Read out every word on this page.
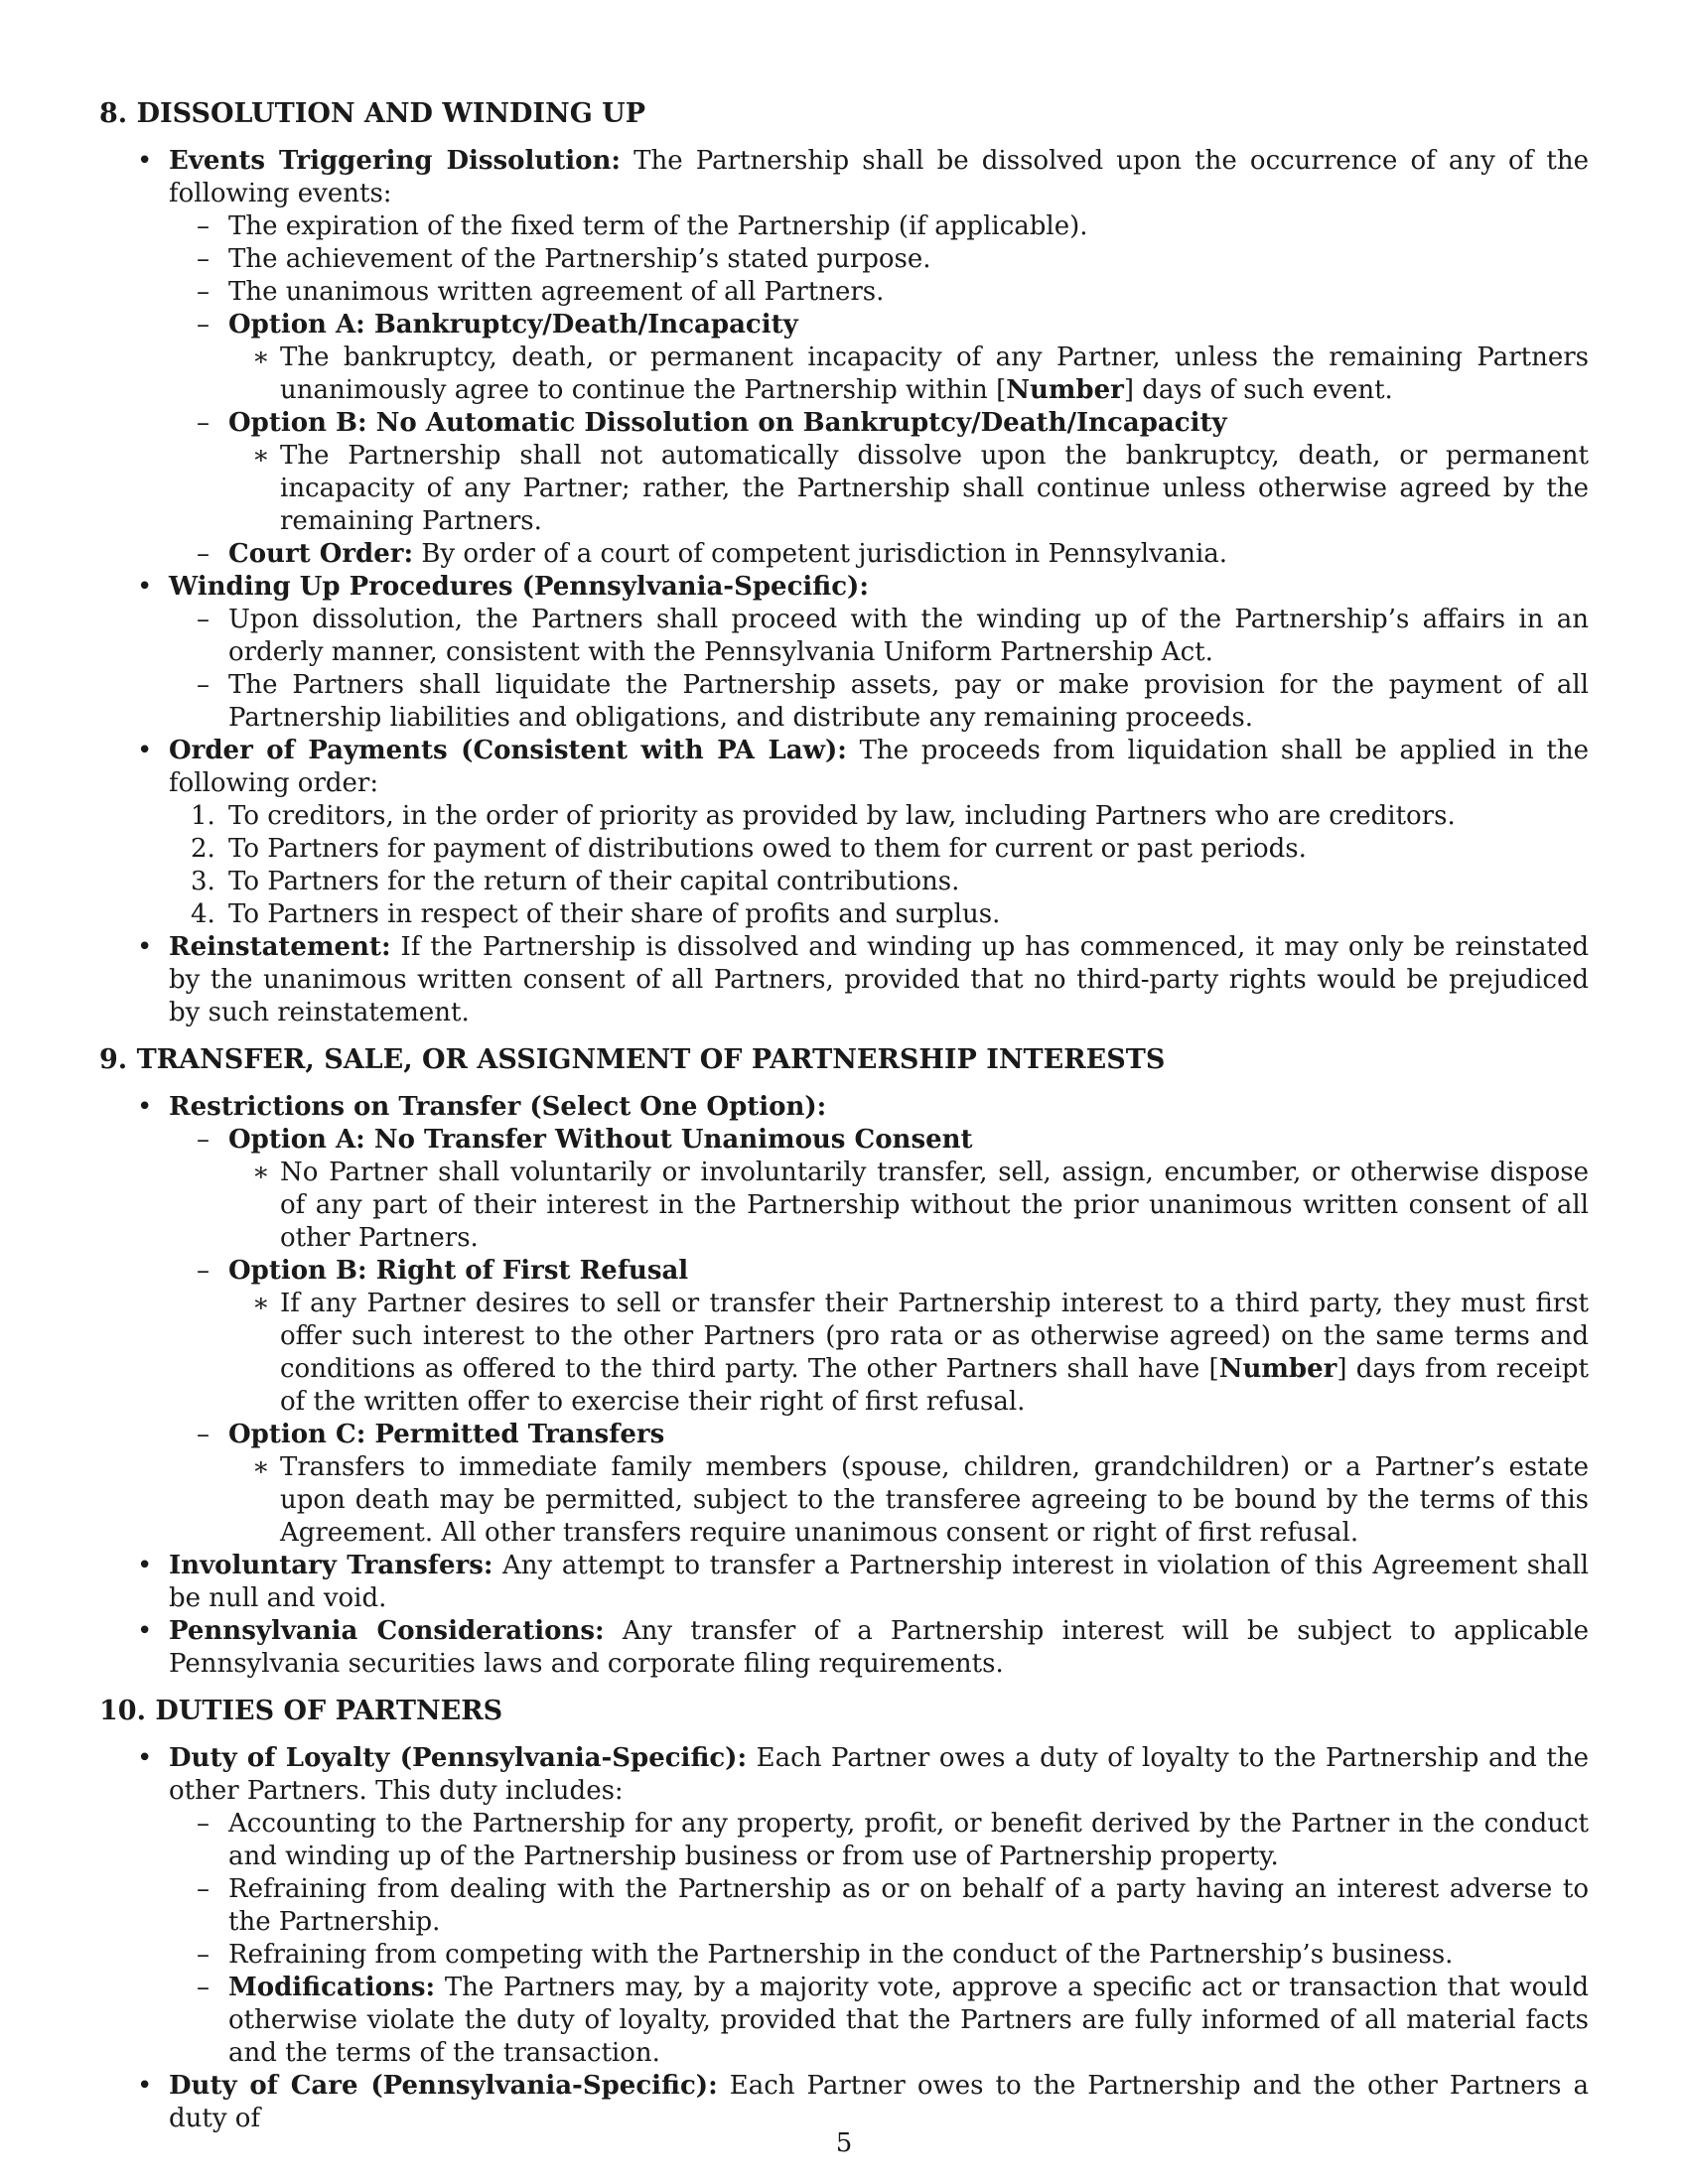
8. DISSOLUTION AND WINDING UP
• Events Triggering Dissolution: The Partnership shall be dissolved upon the occurrence of any of the following events:
– The expiration of the fixed term of the Partnership (if applicable).
– The achievement of the Partnership’s stated purpose.
– The unanimous written agreement of all Partners.
– Option A: Bankruptcy/Death/Incapacity
∗ The bankruptcy, death, or permanent incapacity of any Partner, unless the remaining Partners unanimously agree to continue the Partnership within [Number] days of such event.
– Option B: No Automatic Dissolution on Bankruptcy/Death/Incapacity
∗ The Partnership shall not automatically dissolve upon the bankruptcy, death, or permanent incapacity of any Partner; rather, the Partnership shall continue unless otherwise agreed by the remaining Partners.
– Court Order: By order of a court of competent jurisdiction in Pennsylvania.
• Winding Up Procedures (Pennsylvania-Specific):
– Upon dissolution, the Partners shall proceed with the winding up of the Partnership’s affairs in an orderly manner, consistent with the Pennsylvania Uniform Partnership Act.
– The Partners shall liquidate the Partnership assets, pay or make provision for the payment of all Partnership liabilities and obligations, and distribute any remaining proceeds.
• Order of Payments (Consistent with PA Law): The proceeds from liquidation shall be applied in the following order:
1. To creditors, in the order of priority as provided by law, including Partners who are creditors.
2. To Partners for payment of distributions owed to them for current or past periods.
3. To Partners for the return of their capital contributions.
4. To Partners in respect of their share of profits and surplus.
• Reinstatement: If the Partnership is dissolved and winding up has commenced, it may only be reinstated by the unanimous written consent of all Partners, provided that no third-party rights would be prejudiced by such reinstatement.
9. TRANSFER, SALE, OR ASSIGNMENT OF PARTNERSHIP INTERESTS
• Restrictions on Transfer (Select One Option):
– Option A: No Transfer Without Unanimous Consent
∗ No Partner shall voluntarily or involuntarily transfer, sell, assign, encumber, or otherwise dispose of any part of their interest in the Partnership without the prior unanimous written consent of all other Partners.
– Option B: Right of First Refusal
∗ If any Partner desires to sell or transfer their Partnership interest to a third party, they must first offer such interest to the other Partners (pro rata or as otherwise agreed) on the same terms and conditions as offered to the third party. The other Partners shall have [Number] days from receipt of the written offer to exercise their right of first refusal.
– Option C: Permitted Transfers
∗ Transfers to immediate family members (spouse, children, grandchildren) or a Partner’s estate upon death may be permitted, subject to the transferee agreeing to be bound by the terms of this Agreement. All other transfers require unanimous consent or right of first refusal.
• Involuntary Transfers: Any attempt to transfer a Partnership interest in violation of this Agreement shall be null and void.
• Pennsylvania Considerations: Any transfer of a Partnership interest will be subject to applicable Pennsylvania securities laws and corporate filing requirements.
10. DUTIES OF PARTNERS
• Duty of Loyalty (Pennsylvania-Specific): Each Partner owes a duty of loyalty to the Partnership and the other Partners. This duty includes:
– Accounting to the Partnership for any property, profit, or benefit derived by the Partner in the conduct and winding up of the Partnership business or from use of Partnership property.
– Refraining from dealing with the Partnership as or on behalf of a party having an interest adverse to the Partnership.
– Refraining from competing with the Partnership in the conduct of the Partnership’s business.
– Modifications: The Partners may, by a majority vote, approve a specific act or transaction that would otherwise violate the duty of loyalty, provided that the Partners are fully informed of all material facts and the terms of the transaction.
• Duty of Care (Pennsylvania-Specific): Each Partner owes to the Partnership and the other Partners a duty of
5
